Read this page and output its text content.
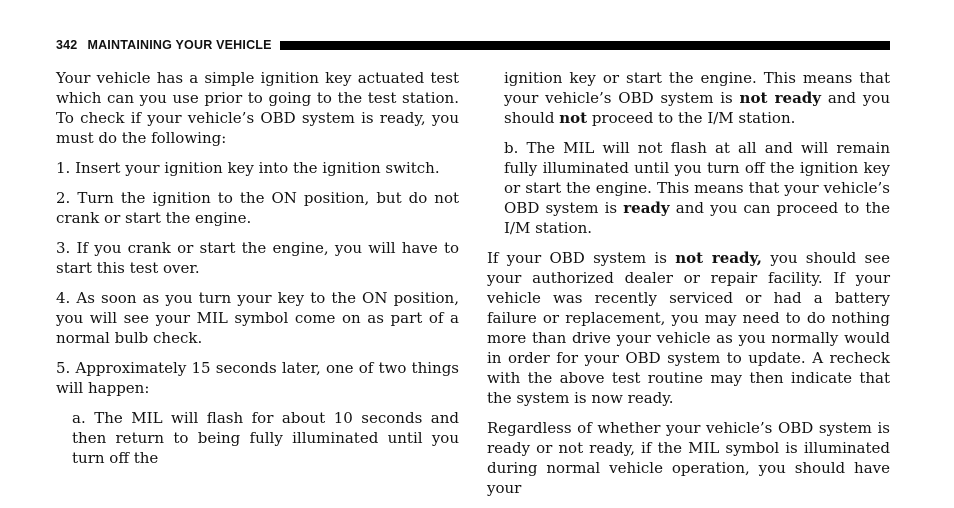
342 MAINTAINING YOUR VEHICLE

Your vehicle has a simple ignition key actuated test which can you use prior to going to the test station. To check if your vehicle’s OBD system is ready, you must do the following:

1. Insert your ignition key into the ignition switch.

2. Turn the ignition to the ON position, but do not crank or start the engine.

3. If you crank or start the engine, you will have to start this test over.

4. As soon as you turn your key to the ON position, you will see your MIL symbol come on as part of a normal bulb check.

5. Approximately 15 seconds later, one of two things will happen:

a. The MIL will flash for about 10 seconds and then return to being fully illuminated until you turn off the

ignition key or start the engine. This means that your vehicle’s OBD system is not ready and you should not proceed to the I/M station.

b. The MIL will not flash at all and will remain fully illuminated until you turn off the ignition key or start the engine. This means that your vehicle’s OBD system is ready and you can proceed to the I/M station.

If your OBD system is not ready, you should see your authorized dealer or repair facility. If your vehicle was recently serviced or had a battery failure or replacement, you may need to do nothing more than drive your vehicle as you normally would in order for your OBD system to update. A recheck with the above test routine may then indicate that the system is now ready.

Regardless of whether your vehicle’s OBD system is ready or not ready, if the MIL symbol is illuminated during normal vehicle operation, you should have your
